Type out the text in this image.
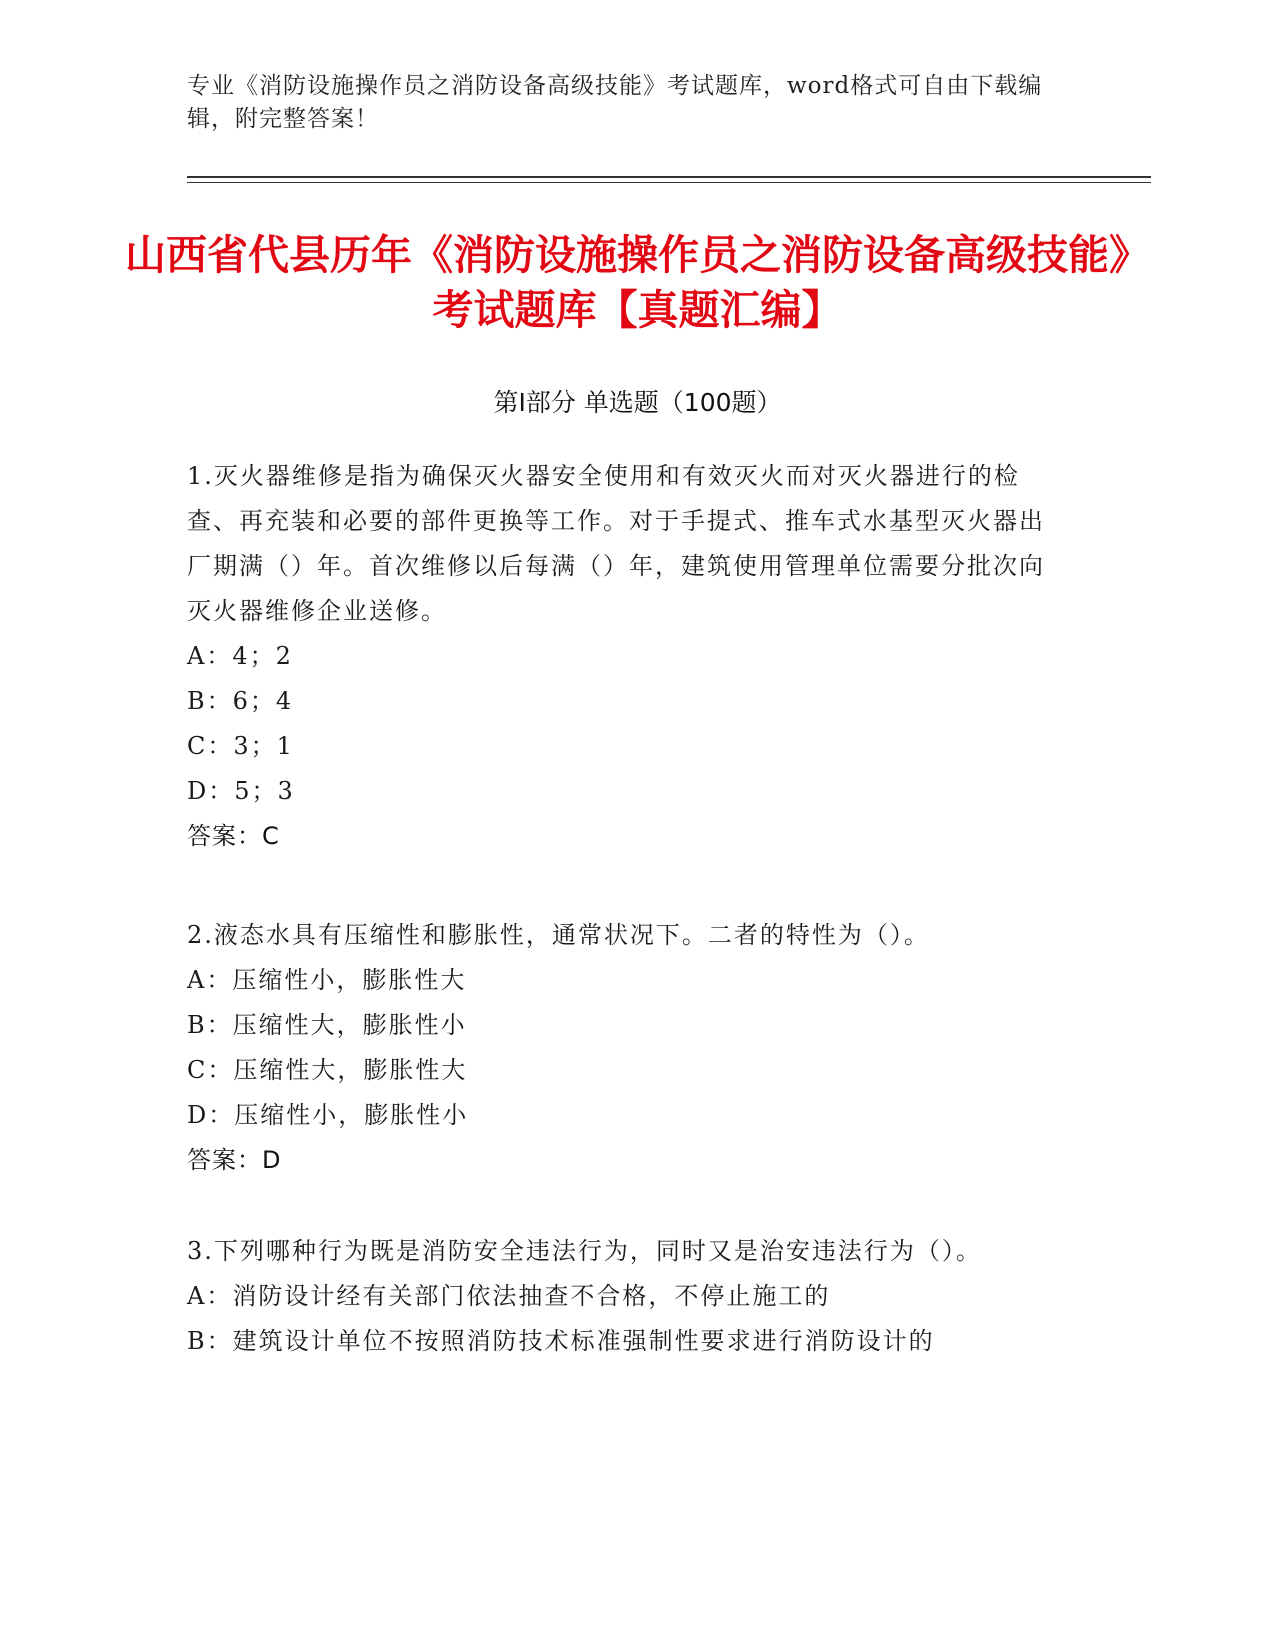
专业《消防设施操作员之消防设备高级技能》考试题库，word格式可自由下载编辑，附完整答案！
山西省代县历年《消防设施操作员之消防设备高级技能》考试题库【真题汇编】
第Ⅰ部分 单选题（100题）

1.灭火器维修是指为确保灭火器安全使用和有效灭火而对灭火器进行的检查、再充装和必要的部件更换等工作。对于手提式、推车式水基型灭火器出厂期满（）年。首次维修以后每满（）年，建筑使用管理单位需要分批次向灭火器维修企业送修。

A：4；2

B：6；4

C：3；1

D：5；3

答案：C

2.液态水具有压缩性和膨胀性，通常状况下。二者的特性为（）。

A：压缩性小，膨胀性大

B：压缩性大，膨胀性小

C：压缩性大，膨胀性大

D：压缩性小，膨胀性小

答案：D

3.下列哪种行为既是消防安全违法行为，同时又是治安违法行为（）。

A：消防设计经有关部门依法抽查不合格，不停止施工的

B：建筑设计单位不按照消防技术标准强制性要求进行消防设计的
